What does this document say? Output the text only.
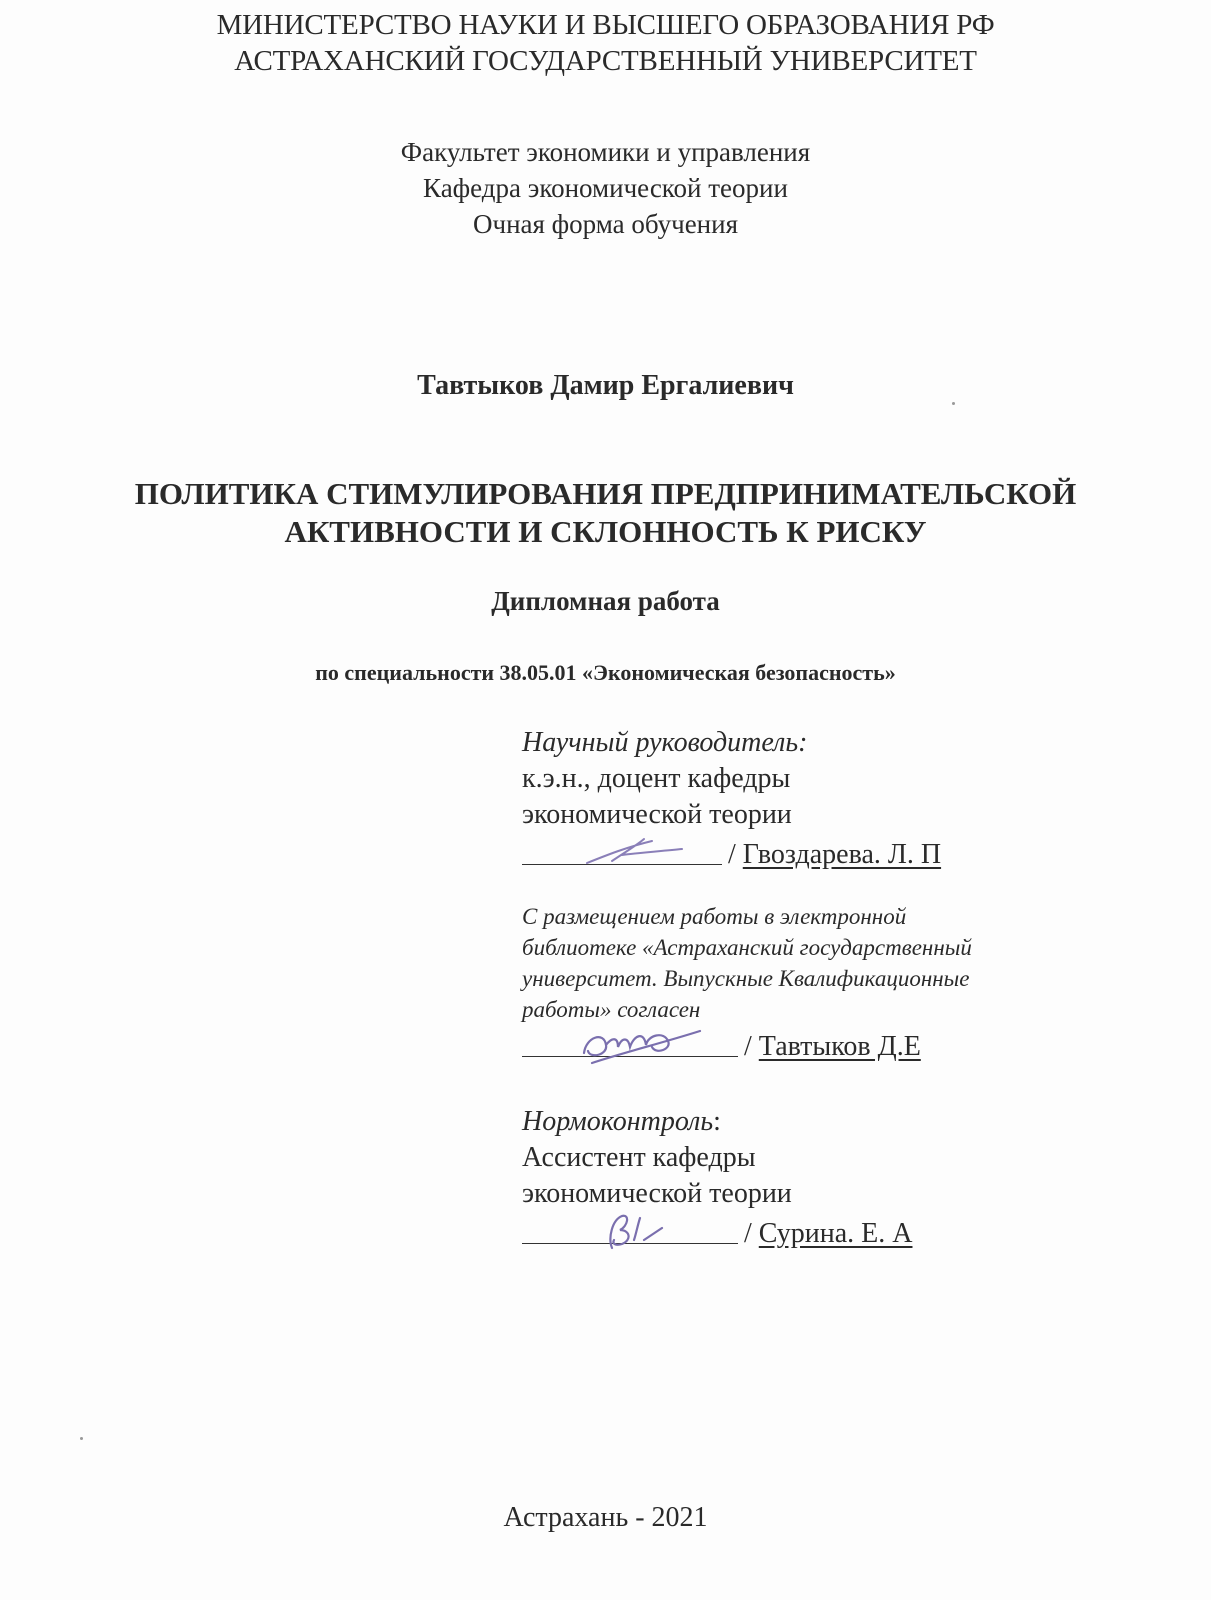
МИНИСТЕРСТВО НАУКИ И ВЫСШЕГО ОБРАЗОВАНИЯ РФ
АСТРАХАНСКИЙ ГОСУДАРСТВЕННЫЙ УНИВЕРСИТЕТ
Факультет экономики и управления
Кафедра экономической теории
Очная форма обучения
Тавтыков Дамир Ергалиевич
ПОЛИТИКА СТИМУЛИРОВАНИЯ ПРЕДПРИНИМАТЕЛЬСКОЙ
АКТИВНОСТИ И СКЛОННОСТЬ К РИСКУ
Дипломная работа
по специальности 38.05.01 «Экономическая безопасность»
Научный руководитель:
к.э.н., доцент кафедры
экономической теории
/ Гвоздарева. Л. П
С размещением работы в электронной
библиотеке «Астраханский государственный
университет. Выпускные Квалификационные
работы» согласен
/ Тавтыков Д.Е
Нормоконтроль:
Ассистент кафедры
экономической теории
/ Сурина. Е. А
Астрахань - 2021
